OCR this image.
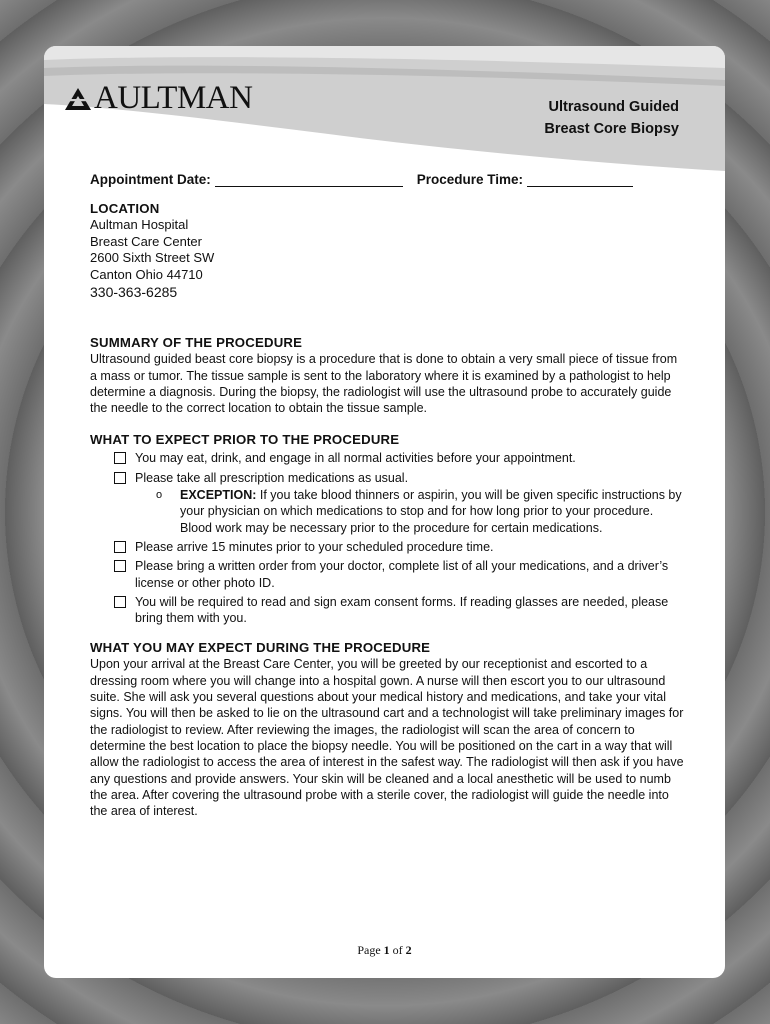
AULTMAN	Ultrasound Guided
Breast Core Biopsy
Appointment Date:	Procedure Time:
LOCATION

Aultman Hospital

Breast Care Center

2600 Sixth Street SW

Canton Ohio 44710

330-363-6285

SUMMARY OF THE PROCEDURE

Ultrasound guided beast core biopsy is a procedure that is done to obtain a very small piece of tissue from a mass or tumor. The tissue sample is sent to the laboratory where it is examined by a pathologist to help determine a diagnosis. During the biopsy, the radiologist will use the ultrasound probe to accurately guide the needle to the correct location to obtain the tissue sample.

WHAT TO EXPECT PRIOR TO THE PROCEDURE
You may eat, drink, and engage in all normal activities before your appointment.
Please take all prescription medications as usual.
o EXCEPTION: If you take blood thinners or aspirin, you will be given specific instructions by your physician on which medications to stop and for how long prior to your procedure. Blood work may be necessary prior to the procedure for certain medications.
Please arrive 15 minutes prior to your scheduled procedure time.
Please bring a written order from your doctor, complete list of all your medications, and a driver’s license or other photo ID.
You will be required to read and sign exam consent forms. If reading glasses are needed, please bring them with you.
WHAT YOU MAY EXPECT DURING THE PROCEDURE

Upon your arrival at the Breast Care Center, you will be greeted by our receptionist and escorted to a dressing room where you will change into a hospital gown. A nurse will then escort you to our ultrasound suite. She will ask you several questions about your medical history and medications, and take your vital signs. You will then be asked to lie on the ultrasound cart and a technologist will take preliminary images for the radiologist to review. After reviewing the images, the radiologist will scan the area of concern to determine the best location to place the biopsy needle. You will be positioned on the cart in a way that will allow the radiologist to access the area of interest in the safest way. The radiologist will then ask if you have any questions and provide answers. Your skin will be cleaned and a local anesthetic will be used to numb the area. After covering the ultrasound probe with a sterile cover, the radiologist will guide the needle into the area of interest.

Page 1 of 2
